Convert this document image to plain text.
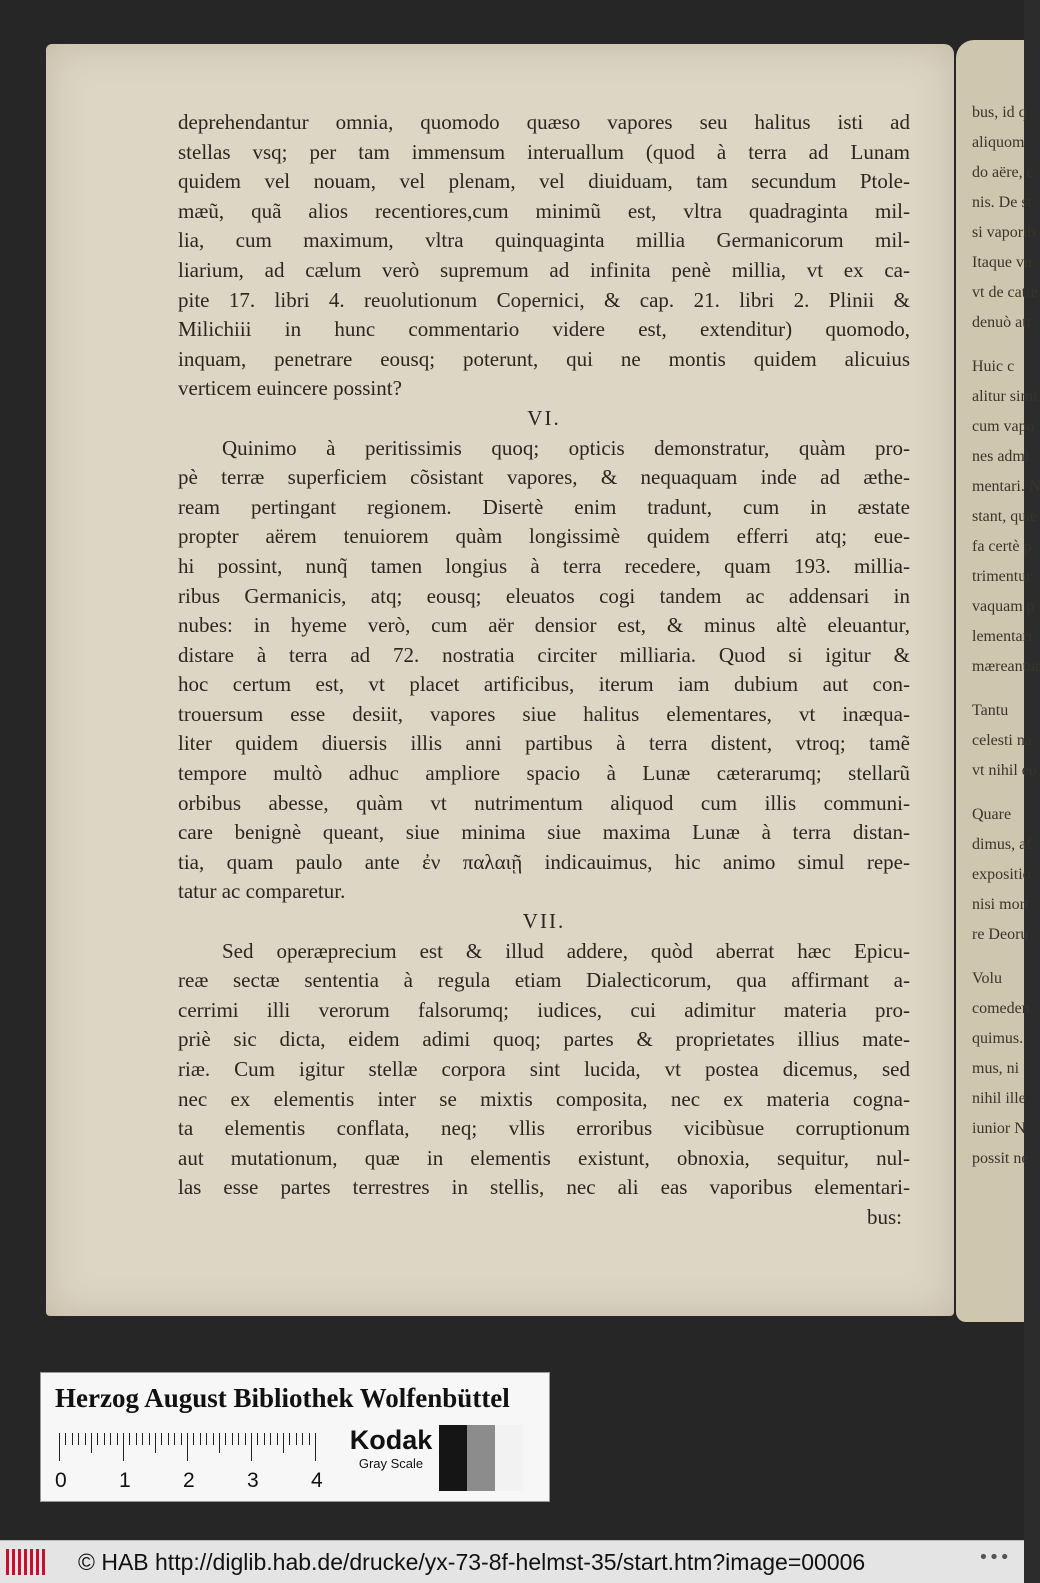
deprehendantur omnia, quomodo quæso vapores seu halitus isti ad
stellas vsq; per tam immensum interuallum (quod à terra ad Lunam
quidem vel nouam, vel plenam, vel diuiduam, tam secundum Ptole-
mæũ, quã alios recentiores,cum minimũ est, vltra quadraginta mil-
lia, cum maximum, vltra quinquaginta millia Germanicorum mil-
liarium, ad cælum verò supremum ad infinita penè millia, vt ex ca-
pite 17. libri 4. reuolutionum Copernici, & cap. 21. libri 2. Plinii &
Milichiii in hunc commentario videre est, extenditur) quomodo,
inquam, penetrare eousq; poterunt, qui ne montis quidem alicuius
verticem euincere possint?
VI.
Quinimo à peritissimis quoq; opticis demonstratur, quàm pro-
pè terræ superficiem cõsistant vapores, & nequaquam inde ad æthe-
ream pertingant regionem. Disertè enim tradunt, cum in æstate
propter aërem tenuiorem quàm longissimè quidem efferri atq; eue-
hi possint, nunq̃ tamen longius à terra recedere, quam 193. millia-
ribus Germanicis, atq; eousq; eleuatos cogi tandem ac addensari in
nubes: in hyeme verò, cum aër densior est, & minus altè eleuantur,
distare à terra ad 72. nostratia circiter milliaria. Quod si igitur &
hoc certum est, vt placet artificibus, iterum iam dubium aut con-
trouersum esse desiit, vapores siue halitus elementares, vt inæqua-
liter quidem diuersis illis anni partibus à terra distent, vtroq; tamẽ
tempore multò adhuc ampliore spacio à Lunæ cæterarumq; stellarũ
orbibus abesse, quàm vt nutrimentum aliquod cum illis communi-
care benignè queant, siue minima siue maxima Lunæ à terra distan-
tia, quam paulo ante ἐν παλαιῇ indicauimus, hic animo simul repe-
tatur ac comparetur.
VII.
Sed operæprecium est & illud addere, quòd aberrat hæc Epicu-
reæ sectæ sententia à regula etiam Dialecticorum, qua affirmant a-
cerrimi illi verorum falsorumq; iudices, cui adimitur materia pro-
priè sic dicta, eidem adimi quoq; partes & proprietates illius mate-
riæ. Cum igitur stellæ corpora sint lucida, vt postea dicemus, sed
nec ex elementis inter se mixtis composita, nec ex materia cogna-
ta elementis conflata, neq; vllis erroribus vicibùsue corruptionum
aut mutationum, quæ in elementis existunt, obnoxia, sequitur, nul-
las esse partes terrestres in stellis, nec ali eas vaporibus elementari-
bus:
bus, id q
aliquom
do aëre, c
nis. De st
si vaporib
Itaque vn
vt de catte
denuò att

Huic c
alitur simi
cum vapo
nes admi
mentari. N
stant, quæ
fa certè p
trimentur
vaquam p
lementari
mæreantur

Tantu
celesti na
vt nihil eo

Quare
dimus, af
expositio
nisi mort
re Deoru

Volu
comeden
quimus.
mus, ni
nihil ille
iunior N
possit ne
Herzog August Bibliothek Wolfenbüttel
0 1 2 3 4
Kodak
Gray Scale
© HAB http://diglib.hab.de/drucke/yx-73-8f-helmst-35/start.htm?image=00006	•••
